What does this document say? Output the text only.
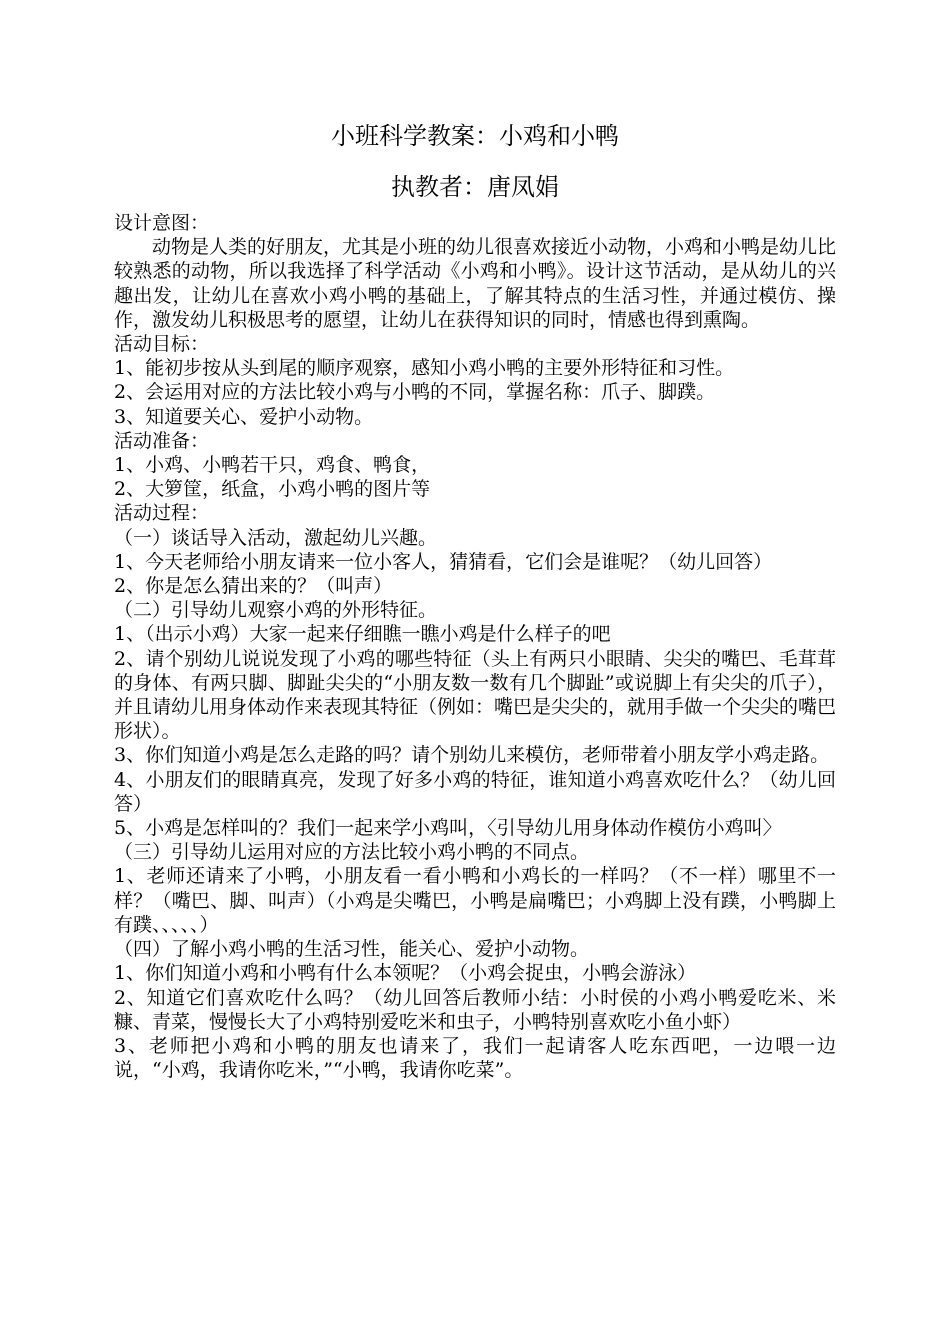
小班科学教案：小鸡和小鸭
执教者：唐凤娟

设计意图：

动物是人类的好朋友，尤其是小班的幼儿很喜欢接近小动物，小鸡和小鸭是幼儿比较熟悉的动物，所以我选择了科学活动《小鸡和小鸭》。设计这节活动，是从幼儿的兴趣出发，让幼儿在喜欢小鸡小鸭的基础上，了解其特点的生活习性，并通过模仿、操作，激发幼儿积极思考的愿望，让幼儿在获得知识的同时，情感也得到熏陶。

活动目标：

1、能初步按从头到尾的顺序观察，感知小鸡小鸭的主要外形特征和习性。

2、会运用对应的方法比较小鸡与小鸭的不同，掌握名称：爪子、脚蹼。

3、知道要关心、爱护小动物。

活动准备：

1、小鸡、小鸭若干只，鸡食、鸭食，

2、大箩筐，纸盒，小鸡小鸭的图片等

活动过程：

（一）谈话导入活动，激起幼儿兴趣。

1、今天老师给小朋友请来一位小客人，猜猜看，它们会是谁呢？（幼儿回答）

2、你是怎么猜出来的？（叫声）

（二）引导幼儿观察小鸡的外形特征。

1、（出示小鸡）大家一起来仔细瞧一瞧小鸡是什么样子的吧

2、请个别幼儿说说发现了小鸡的哪些特征（头上有两只小眼睛、尖尖的嘴巴、毛茸茸的身体、有两只脚、脚趾尖尖的“小朋友数一数有几个脚趾”或说脚上有尖尖的爪子），并且请幼儿用身体动作来表现其特征（例如：嘴巴是尖尖的，就用手做一个尖尖的嘴巴形状）。

3、你们知道小鸡是怎么走路的吗？请个别幼儿来模仿，老师带着小朋友学小鸡走路。

4、小朋友们的眼睛真亮，发现了好多小鸡的特征，谁知道小鸡喜欢吃什么？（幼儿回答）

5、小鸡是怎样叫的？我们一起来学小鸡叫，〈引导幼儿用身体动作模仿小鸡叫〉

（三）引导幼儿运用对应的方法比较小鸡小鸭的不同点。

1、老师还请来了小鸭，小朋友看一看小鸭和小鸡长的一样吗？（不一样）哪里不一样？（嘴巴、脚、叫声）（小鸡是尖嘴巴，小鸭是扁嘴巴；小鸡脚上没有蹼，小鸭脚上有蹼、、、、、）

（四）了解小鸡小鸭的生活习性，能关心、爱护小动物。

1、你们知道小鸡和小鸭有什么本领呢？（小鸡会捉虫，小鸭会游泳）

2、知道它们喜欢吃什么吗？（幼儿回答后教师小结：小时侯的小鸡小鸭爱吃米、米糠、青菜，慢慢长大了小鸡特别爱吃米和虫子，小鸭特别喜欢吃小鱼小虾）

3、老师把小鸡和小鸭的朋友也请来了，我们一起请客人吃东西吧，一边喂一边说，“小鸡，我请你吃米，”“小鸭，我请你吃菜”。
